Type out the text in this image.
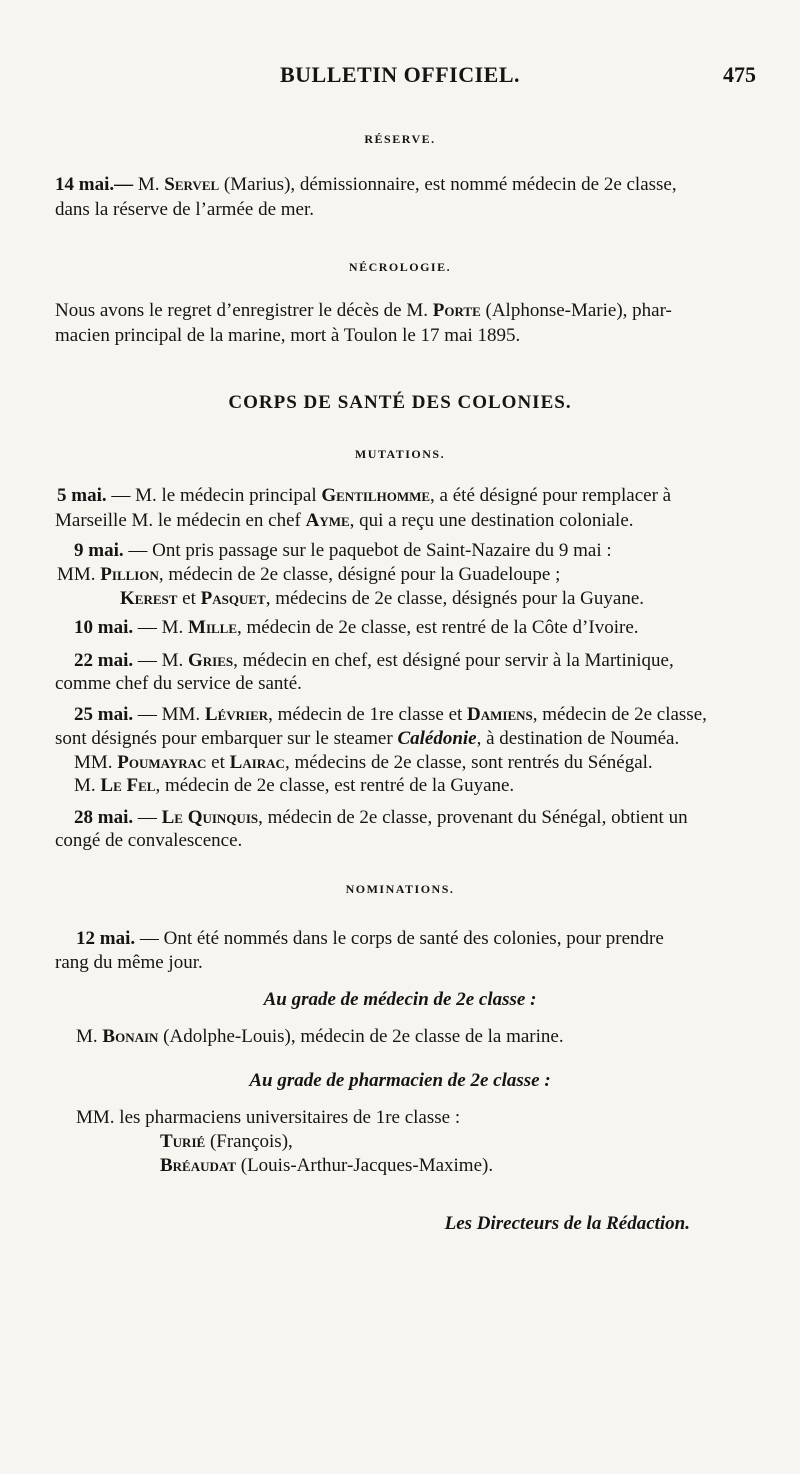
BULLETIN OFFICIEL.	475
RÉSERVE.
14 mai.— M. Servel (Marius), démissionnaire, est nommé médecin de 2e classe,
dans la réserve de l’armée de mer.
NÉCROLOGIE.
Nous avons le regret d’enregistrer le décès de M. Porte (Alphonse-Marie), phar-
macien principal de la marine, mort à Toulon le 17 mai 1895.
CORPS DE SANTÉ DES COLONIES.
MUTATIONS.
5 mai. — M. le médecin principal Gentilhomme, a été désigné pour remplacer à
Marseille M. le médecin en chef Ayme, qui a reçu une destination coloniale.
9 mai. — Ont pris passage sur le paquebot de Saint-Nazaire du 9 mai :
MM. Pillion, médecin de 2e classe, désigné pour la Guadeloupe ;
Kerest et Pasquet, médecins de 2e classe, désignés pour la Guyane.
10 mai. — M. Mille, médecin de 2e classe, est rentré de la Côte d’Ivoire.
22 mai. — M. Gries, médecin en chef, est désigné pour servir à la Martinique,
comme chef du service de santé.
25 mai. — MM. Lévrier, médecin de 1re classe et Damiens, médecin de 2e classe,
sont désignés pour embarquer sur le steamer Calédonie, à destination de Nouméa.
MM. Poumayrac et Lairac, médecins de 2e classe, sont rentrés du Sénégal.
M. Le Fel, médecin de 2e classe, est rentré de la Guyane.
28 mai. — Le Quinquis, médecin de 2e classe, provenant du Sénégal, obtient un
congé de convalescence.
NOMINATIONS.
12 mai. — Ont été nommés dans le corps de santé des colonies, pour prendre
rang du même jour.
Au grade de médecin de 2e classe :
M. Bonain (Adolphe-Louis), médecin de 2e classe de la marine.
Au grade de pharmacien de 2e classe :
MM. les pharmaciens universitaires de 1re classe :
Turié (François),
Bréaudat (Louis-Arthur-Jacques-Maxime).
Les Directeurs de la Rédaction.
